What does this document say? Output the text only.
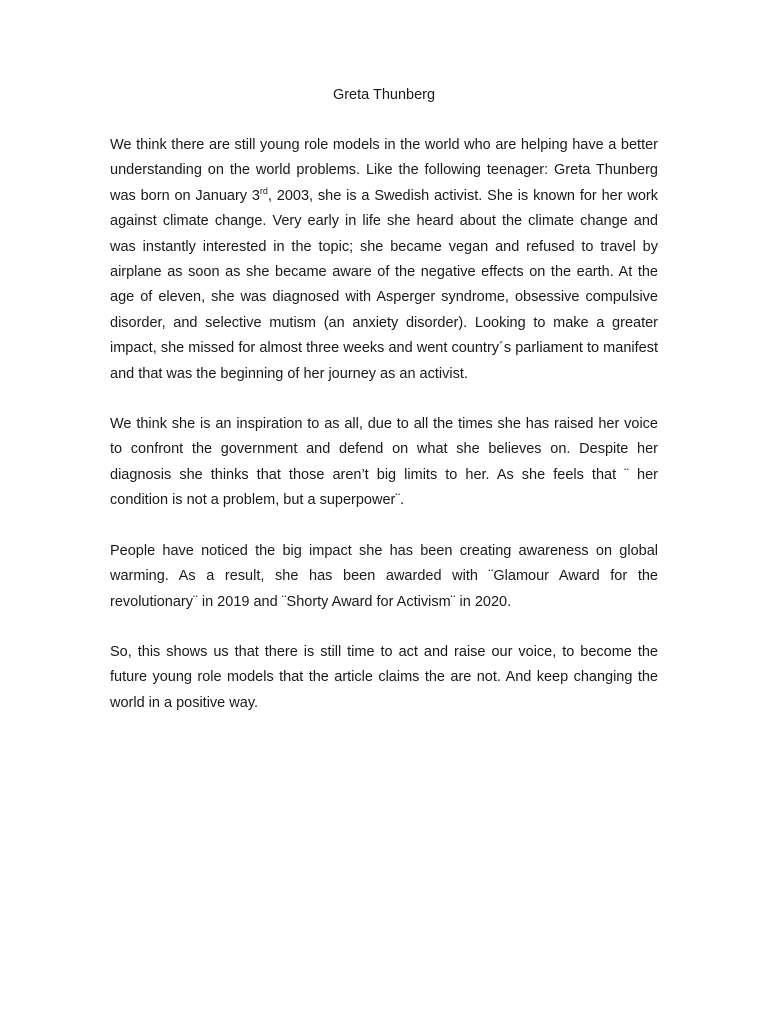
Greta Thunberg

We think there are still young role models in the world who are helping have a better understanding on the world problems. Like the following teenager: Greta Thunberg was born on January 3rd, 2003, she is a Swedish activist. She is known for her work against climate change. Very early in life she heard about the climate change and was instantly interested in the topic; she became vegan and refused to travel by airplane as soon as she became aware of the negative effects on the earth. At the age of eleven, she was diagnosed with Asperger syndrome, obsessive compulsive disorder, and selective mutism (an anxiety disorder). Looking to make a greater impact, she missed for almost three weeks and went country´s parliament to manifest and that was the beginning of her journey as an activist.

We think she is an inspiration to as all, due to all the times she has raised her voice to confront the government and defend on what she believes on. Despite her diagnosis she thinks that those aren’t big limits to her. As she feels that ¨ her condition is not a problem, but a superpower¨.

People have noticed the big impact she has been creating awareness on global warming. As a result, she has been awarded with ¨Glamour Award for the revolutionary¨ in 2019 and ¨Shorty Award for Activism¨ in 2020.

So, this shows us that there is still time to act and raise our voice, to become the future young role models that the article claims the are not. And keep changing the world in a positive way.
